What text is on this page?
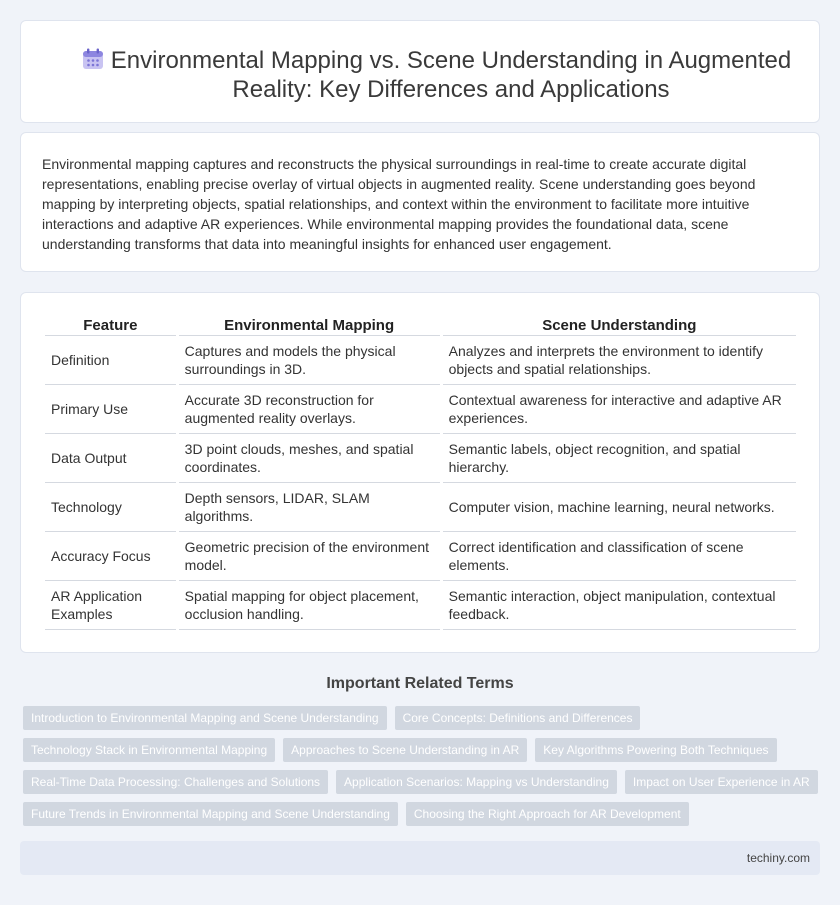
Environmental Mapping vs. Scene Understanding in Augmented Reality: Key Differences and Applications

Environmental mapping captures and reconstructs the physical surroundings in real-time to create accurate digital representations, enabling precise overlay of virtual objects in augmented reality. Scene understanding goes beyond mapping by interpreting objects, spatial relationships, and context within the environment to facilitate more intuitive interactions and adaptive AR experiences. While environmental mapping provides the foundational data, scene understanding transforms that data into meaningful insights for enhanced user engagement.

Feature	Environmental Mapping	Scene Understanding
Definition	Captures and models the physical surroundings in 3D.	Analyzes and interprets the environment to identify objects and spatial relationships.
Primary Use	Accurate 3D reconstruction for augmented reality overlays.	Contextual awareness for interactive and adaptive AR experiences.
Data Output	3D point clouds, meshes, and spatial coordinates.	Semantic labels, object recognition, and spatial hierarchy.
Technology	Depth sensors, LIDAR, SLAM algorithms.	Computer vision, machine learning, neural networks.
Accuracy Focus	Geometric precision of the environment model.	Correct identification and classification of scene elements.
AR Application Examples	Spatial mapping for object placement, occlusion handling.	Semantic interaction, object manipulation, contextual feedback.
Important Related Terms
Introduction to Environmental Mapping and Scene Understanding	Core Concepts: Definitions and Differences
Technology Stack in Environmental Mapping	Approaches to Scene Understanding in AR	Key Algorithms Powering Both Techniques
Real-Time Data Processing: Challenges and Solutions	Application Scenarios: Mapping vs Understanding	Impact on User Experience in AR
Future Trends in Environmental Mapping and Scene Understanding	Choosing the Right Approach for AR Development
techiny.com
